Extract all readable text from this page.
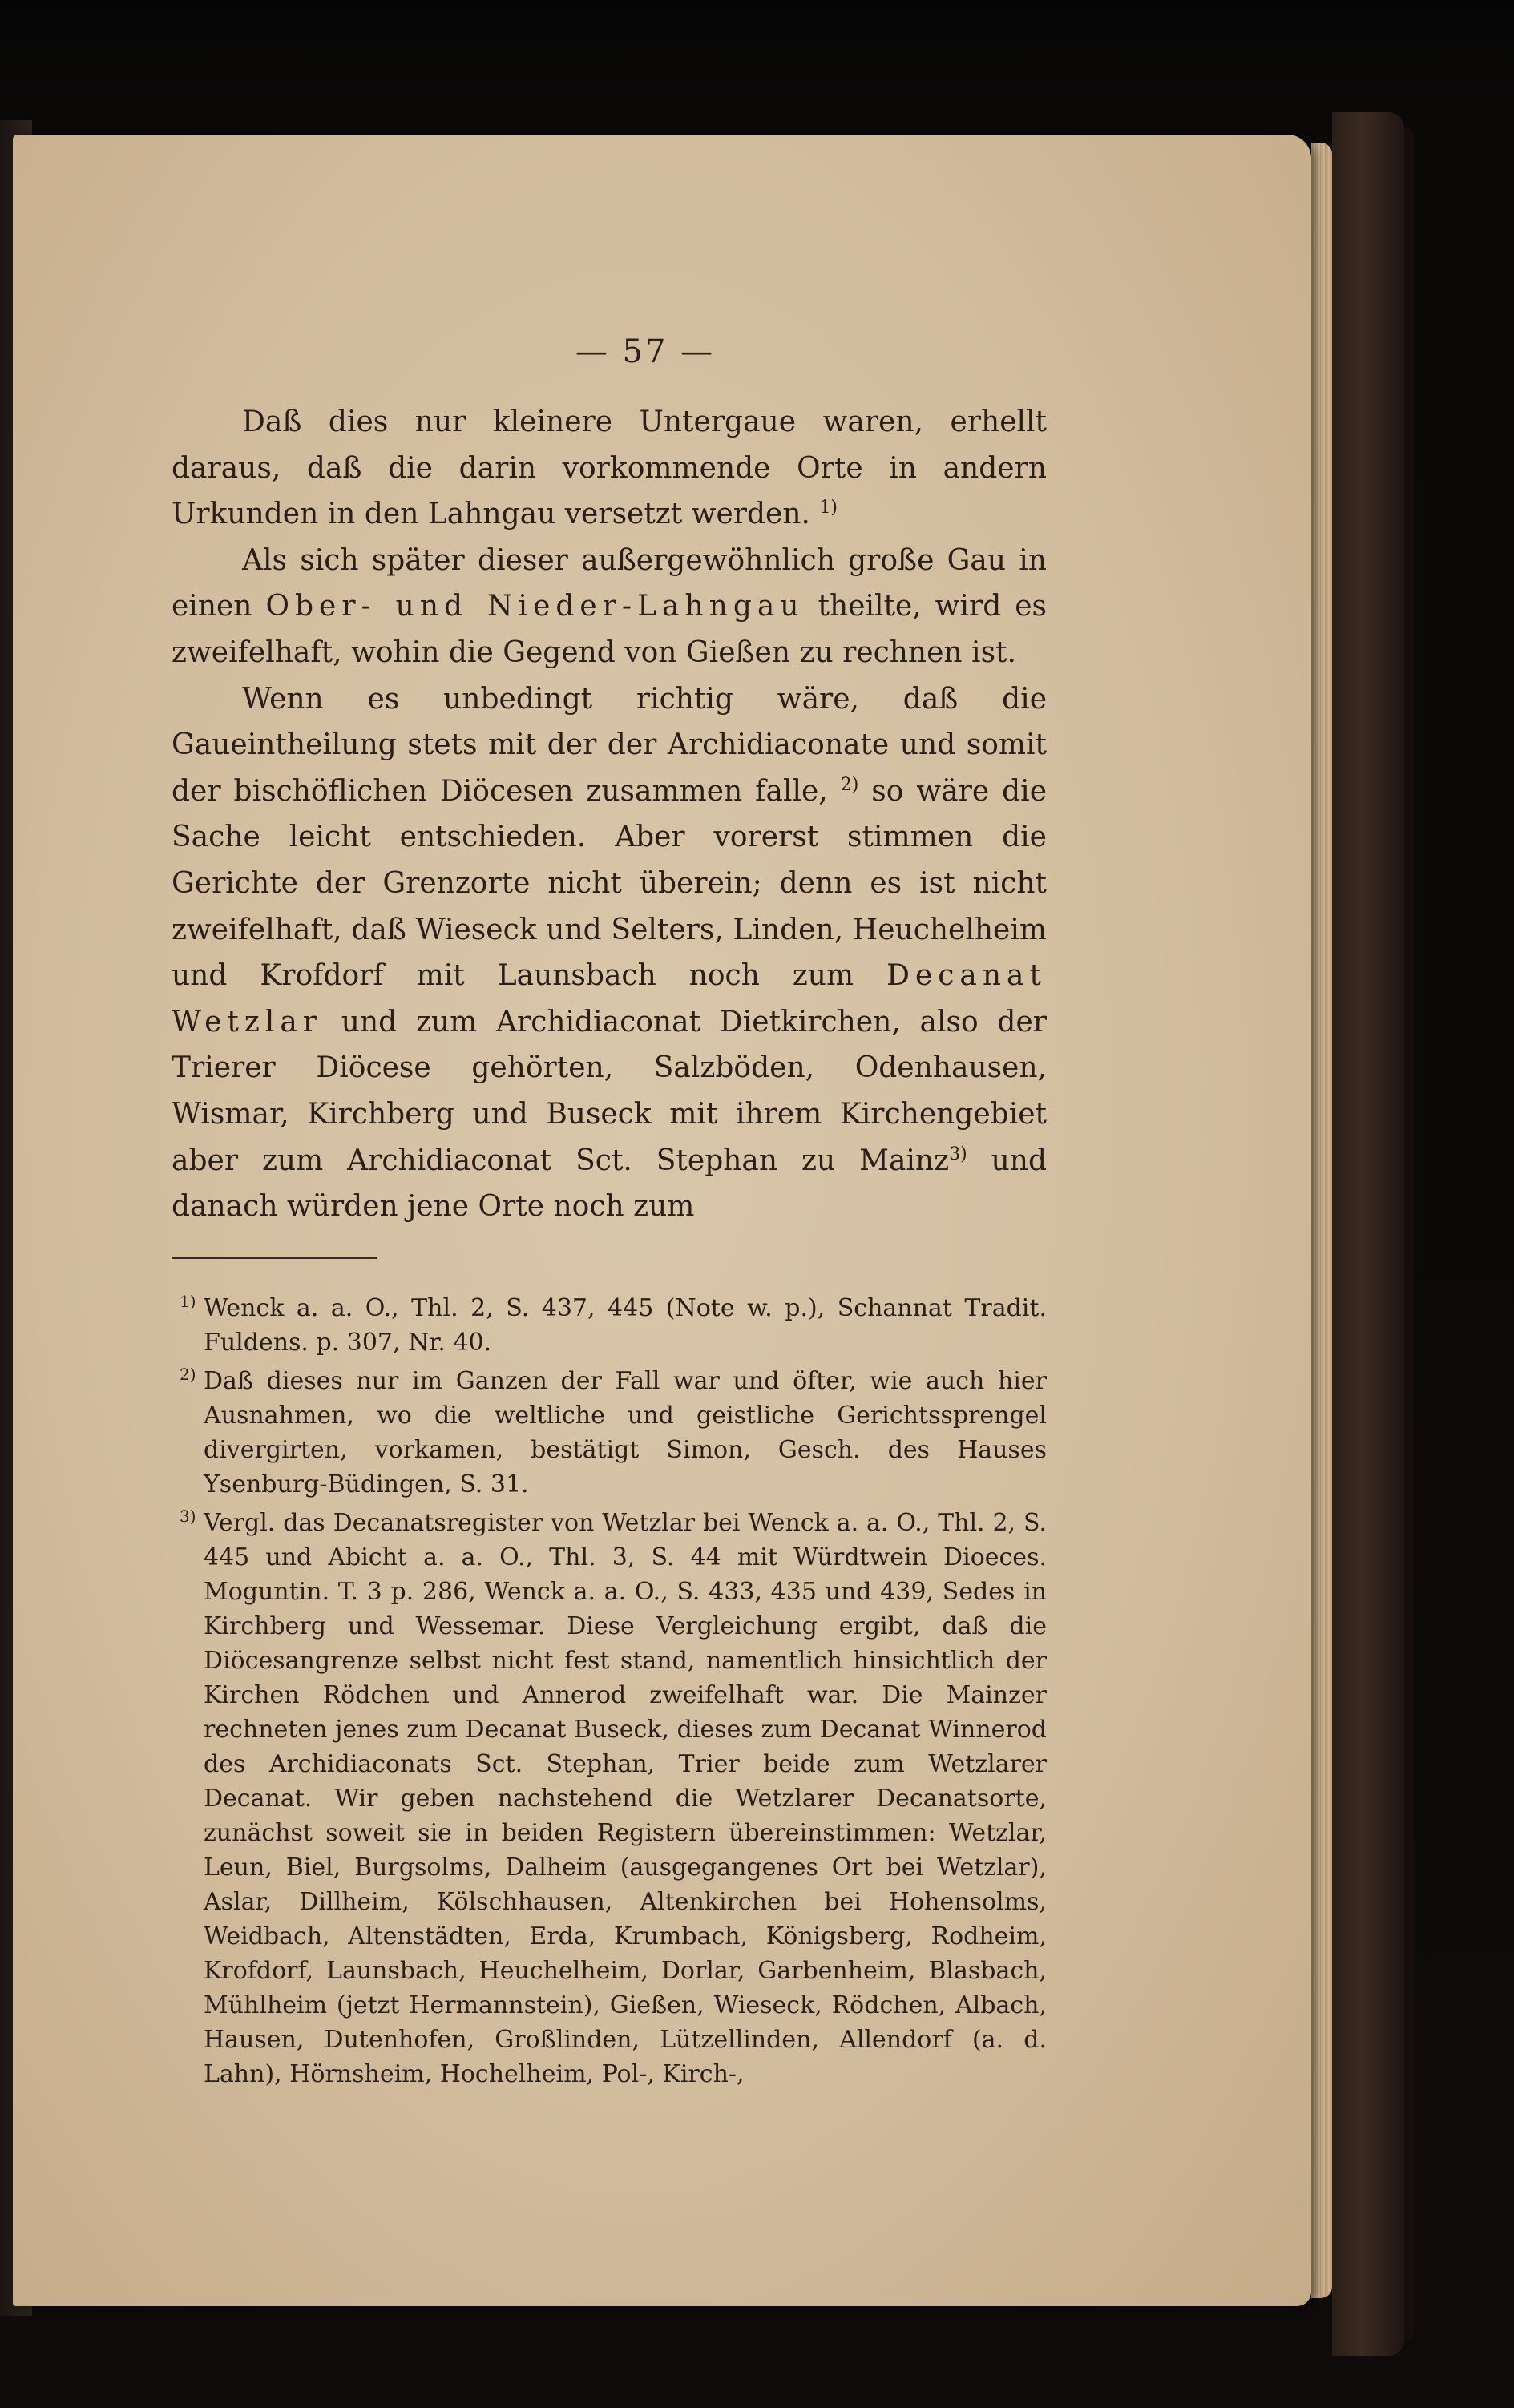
— 57 —

Daß dies nur kleinere Untergaue waren, erhellt daraus, daß die darin vorkommende Orte in andern Urkunden in den Lahngau versetzt werden. $^{1)}$

Als sich später dieser außergewöhnlich große Gau in einen Ober- und Nieder-Lahngau theilte, wird es zweifelhaft, wohin die Gegend von Gießen zu rechnen ist.

Wenn es unbedingt richtig wäre, daß die Gaueintheilung stets mit der der Archidiaconate und somit der bischöflichen Diöcesen zusammen falle, $^{2)}$ so wäre die Sache leicht entschieden. Aber vorerst stimmen die Gerichte der Grenzorte nicht überein; denn es ist nicht zweifelhaft, daß Wieseck und Selters, Linden, Heuchelheim und Krofdorf mit Launsbach noch zum Decanat Wetzlar und zum Archidiaconat Dietkirchen, also der Trierer Diöcese gehörten, Salzböden, Odenhausen, Wismar, Kirchberg und Buseck mit ihrem Kirchengebiet aber zum Archidiaconat Sct. Stephan zu Mainz$^{3)}$ und danach würden jene Orte noch zum

1 ) Wenck a. a. O., Thl. 2, S. 437, 445 (Note w. p.), Schannat Tradit. Fuldens. p. 307, Nr. 40.
2 ) Daß dieses nur im Ganzen der Fall war und öfter, wie auch hier Ausnahmen, wo die weltliche und geistliche Gerichtssprengel divergirten, vorkamen, bestätigt Simon, Gesch. des Hauses Ysenburg-Büdingen, S. 31.
3 ) Vergl. das Decanatsregister von Wetzlar bei Wenck a. a. O., Thl. 2, S. 445 und Abicht a. a. O., Thl. 3, S. 44 mit Würdtwein Dioeces. Moguntin. T. 3 p. 286, Wenck a. a. O., S. 433, 435 und 439, Sedes in Kirchberg und Wessemar. Diese Vergleichung ergibt, daß die Diöcesangrenze selbst nicht fest stand, namentlich hinsichtlich der Kirchen Rödchen und Annerod zweifelhaft war. Die Mainzer rechneten jenes zum Decanat Buseck, dieses zum Decanat Winnerod des Archidiaconats Sct. Stephan, Trier beide zum Wetzlarer Decanat. Wir geben nachstehend die Wetzlarer Decanatsorte, zunächst soweit sie in beiden Registern übereinstimmen: Wetzlar, Leun, Biel, Burgsolms, Dalheim (ausgegangenes Ort bei Wetzlar), Aslar, Dillheim, Kölschhausen, Altenkirchen bei Hohensolms, Weidbach, Altenstädten, Erda, Krumbach, Königsberg, Rodheim, Krofdorf, Launsbach, Heuchelheim, Dorlar, Garbenheim, Blasbach, Mühlheim (jetzt Hermannstein), Gießen, Wieseck, Rödchen, Albach, Hausen, Dutenhofen, Großlinden, Lützellinden, Allendorf (a. d. Lahn), Hörnsheim, Hochelheim, Pol-, Kirch-,
